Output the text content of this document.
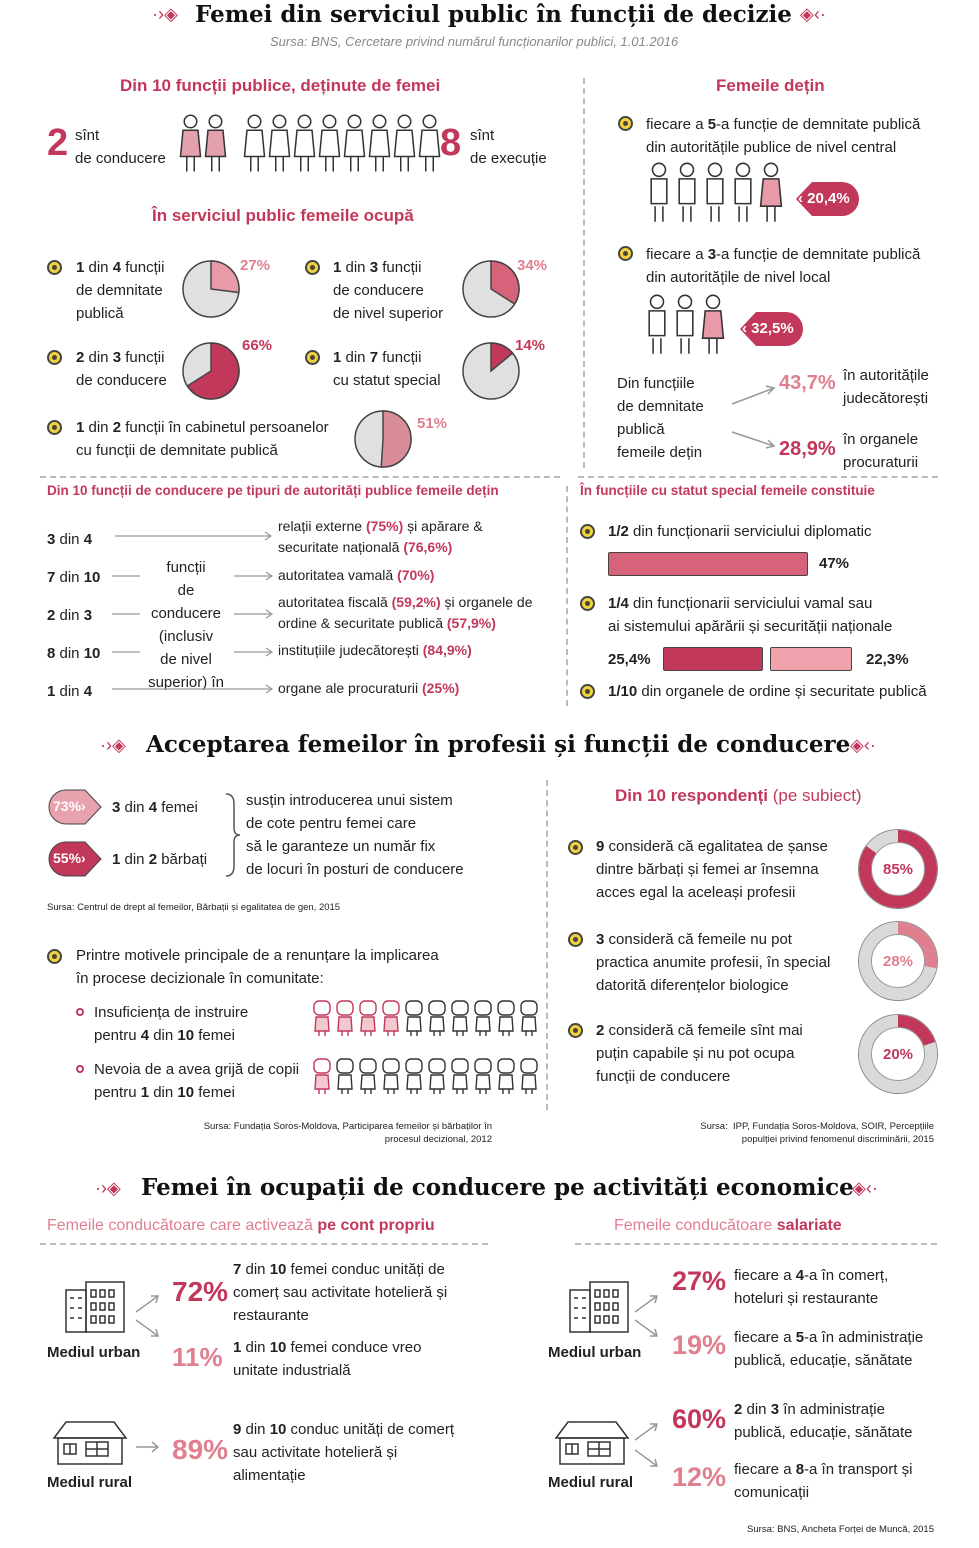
·›◈ Femei din serviciul public în funcții de decizie ◈‹·
Sursa: BNS, Cercetare privind numărul funcționarilor publici, 1.01.2016
Din 10 funcții publice, deținute de femei
2 sînt
de conducere	8 sînt
de execuție
În serviciul public femeile ocupă
1 din 4 funcții
de demnitate
publică
27%	1 din 3 funcții
de conducere
de nivel superior
34%
2 din 3 funcții
de conducere
66%
1 din 7 funcții
cu statut special
14%
1 din 2 funcții în cabinetul persoanelor
cu funcții de demnitate publică
51%
Femeile dețin
fiecare a 5-a funcție de demnitate publică
din autoritățile publice de nivel central
‹ 20,4%
fiecare a 3-a funcție de demnitate publică
din autoritățile de nivel local
‹ 32,5%
Din funcțiile
de demnitate
publică
femeile dețin
43,7% în autoritățile
judecătorești
28,9% în organele
procuraturii
Din 10 funcții de conducere pe tipuri de autorități publice femeile dețin
funcții
de
conducere
(inclusiv
de nivel
superior) în
3 din 4
relații externe (75%) și apărare &
securitate națională (76,6%)
7 din 10	autoritatea vamală (70%)
2 din 3
autoritatea fiscală (59,2%) și organele de
ordine & securitate publică (57,9%)
8 din 10	instituțiile judecătorești (84,9%)
1 din 4	organe ale procuraturii (25%)
În funcțiile cu statut special femeile constituie
1/2 din funcționarii serviciului diplomatic
47%
1/4 din funcționarii serviciului vamal sau
ai sistemului apărării și securității naționale
25,4%	22,3%
1/10 din organele de ordine și securitate publică
·›◈ Acceptarea femeilor în profesii și funcții de conducere ◈‹·
73%› 3 din 4 femei
55%› 1 din 2 bărbați
susțin introducerea unui sistem
de cote pentru femei care
să le garanteze un număr fix
de locuri în posturi de conducere
Sursa: Centrul de drept al femeilor, Bărbații și egalitatea de gen, 2015
Printre motivele principale de a renunțare la implicarea
în procese decizionale în comunitate:
Insuficiența de instruire
pentru 4 din 10 femei
Nevoia de a avea grijă de copii
pentru 1 din 10 femei
Sursa: Fundația Soros-Moldova, Participarea femeilor și bărbaților în
procesul decizional, 2012
Din 10 respondenți (pe subiect)
9 consideră că egalitatea de șanse
dintre bărbați și femei ar însemna
acces egal la aceleași profesii
85%
3 consideră că femeile nu pot
practica anumite profesii, în special
datorită diferențelor biologice
28%
2 consideră că femeile sînt mai
puțin capabile și nu pot ocupa
funcții de conducere
20%
Sursa:  IPP, Fundația Soros-Moldova, SOIR, Percepțiile
populției privind fenomenul discriminării, 2015
·›◈ Femei în ocupații de conducere pe activități economice
◈‹·
Femeile conducătoare care activează pe cont propriu	Femeile conducătoare salariate
Mediul urban
72%
7 din 10 femei conduc unități de
comerț sau activitate hotelieră și
restaurante
11% 1 din 10 femei conduce vreo
unitate industrială
Mediul rural
89%
9 din 10 conduc unități de comerț
sau activitate hotelieră și
alimentație
Mediul urban
27% fiecare a 4-a în comerț,
hoteluri și restaurante
19% fiecare a 5-a în administrație
publică, educație, sănătate
Mediul rural
60% 2 din 3 în administrație
publică, educație, sănătate
12% fiecare a 8-a în transport și
comunicații
Sursa: BNS, Ancheta Forței de Muncă, 2015
